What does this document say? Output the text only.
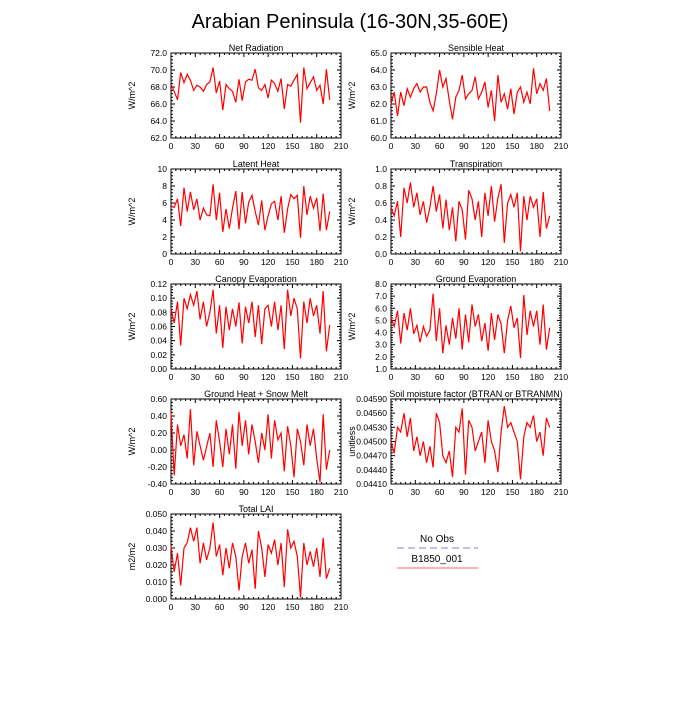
Arabian Peninsula (16-30N,35-60E)
No Obs
B1850_001
Net Radiation
W/m^2
0 30 60 90 120 150 180 210
62.0
64.0
66.0
68.0
70.0
72.0	Sensible Heat
W/m^2
0 30 60 90 120 150 180 210
60.0
61.0
62.0
63.0
64.0
65.0
Latent Heat
W/m^2
0 30 60 90 120 150 180 210
0
2
4
6
8
10	Transpiration
W/m^2
0 30 60 90 120 150 180 210
0.0
0.2
0.4
0.6
0.8
1.0
Canopy Evaporation
W/m^2
0 30 60 90 120 150 180 210
0.00
0.02
0.04
0.06
0.08
0.10
0.12	Ground Evaporation
W/m^2
0 30 60 90 120 150 180 210
1.0
2.0
3.0
4.0
5.0
6.0
7.0
8.0
Ground Heat + Snow Melt
W/m^2
0 30 60 90 120 150 180 210
-0.40
-0.20
0.00
0.20
0.40
0.60	Soil moisture factor (BTRAN or BTRANMN)
unitless
0 30 60 90 120 150 180 210
0.04410
0.04440
0.04470
0.04500
0.04530
0.04560
0.04590
Total LAI
m2/m2
0 30 60 90 120 150 180 210
0.000
0.010
0.020
0.030
0.040
0.050
